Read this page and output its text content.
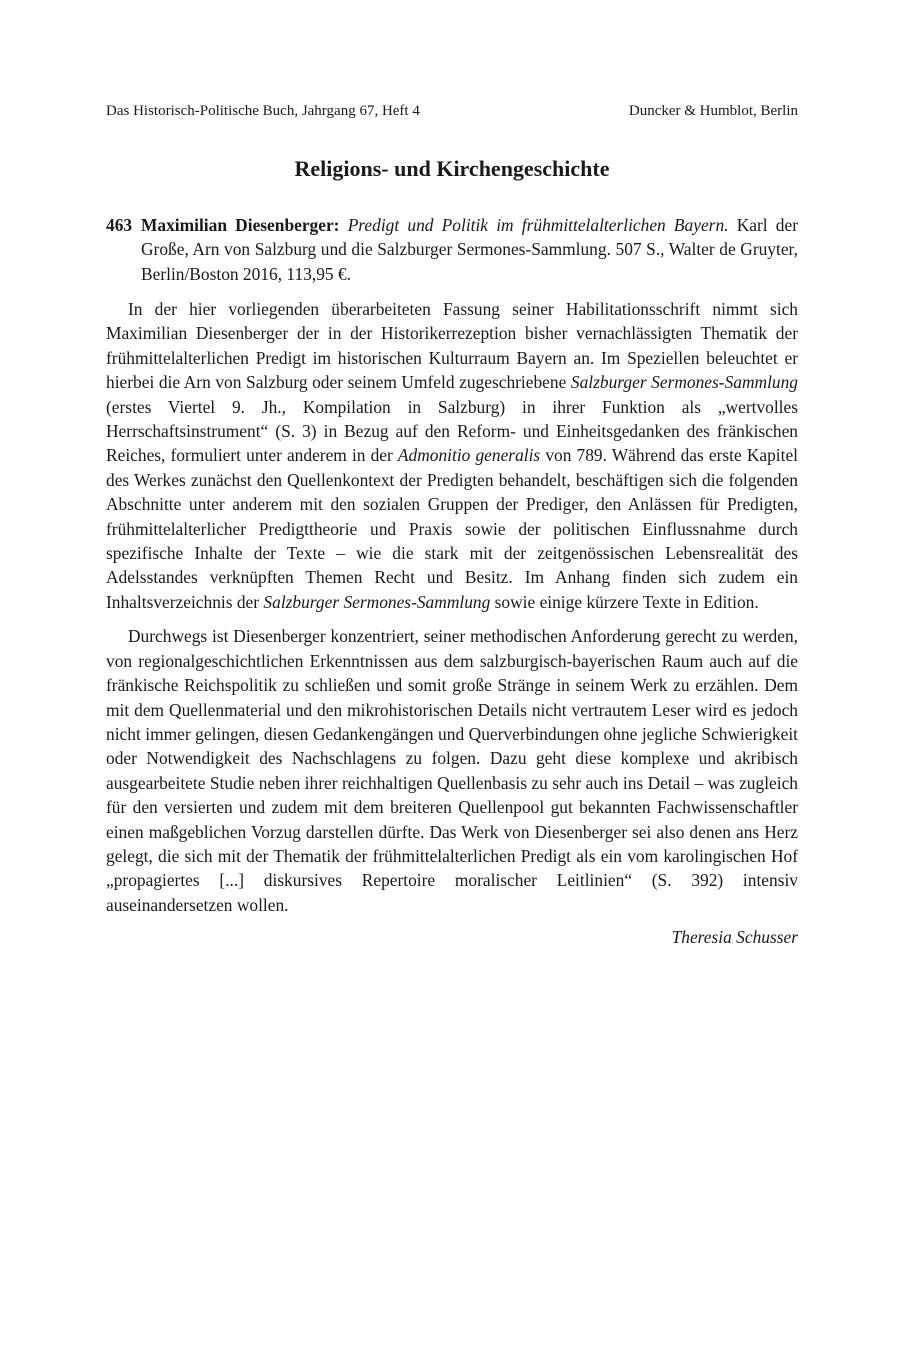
Das Historisch-Politische Buch, Jahrgang 67, Heft 4	Duncker & Humblot, Berlin
Religions- und Kirchengeschichte
463 Maximilian Diesenberger: Predigt und Politik im frühmittelalterlichen Bayern. Karl der Große, Arn von Salzburg und die Salzburger Sermones-Sammlung. 507 S., Walter de Gruyter, Berlin/Boston 2016, 113,95 €.

In der hier vorliegenden überarbeiteten Fassung seiner Habilitationsschrift nimmt sich Maximilian Diesenberger der in der Historikerrezeption bisher vernachlässigten Thematik der frühmittelalterlichen Predigt im historischen Kulturraum Bayern an. Im Speziellen beleuchtet er hierbei die Arn von Salzburg oder seinem Umfeld zugeschriebene Salzburger Sermones-Sammlung (erstes Viertel 9. Jh., Kompilation in Salzburg) in ihrer Funktion als „wertvolles Herrschaftsinstrument“ (S. 3) in Bezug auf den Reform- und Einheitsgedanken des fränkischen Reiches, formuliert unter anderem in der Admonitio generalis von 789. Während das erste Kapitel des Werkes zunächst den Quellenkontext der Predigten behandelt, beschäftigen sich die folgenden Abschnitte unter anderem mit den sozialen Gruppen der Prediger, den Anlässen für Predigten, frühmittelalterlicher Predigttheorie und Praxis sowie der politischen Einflussnahme durch spezifische Inhalte der Texte – wie die stark mit der zeitgenössischen Lebensrealität des Adelsstandes verknüpften Themen Recht und Besitz. Im Anhang finden sich zudem ein Inhaltsverzeichnis der Salzburger Sermones-Sammlung sowie einige kürzere Texte in Edition.

Durchwegs ist Diesenberger konzentriert, seiner methodischen Anforderung gerecht zu werden, von regionalgeschichtlichen Erkenntnissen aus dem salzburgisch-bayerischen Raum auch auf die fränkische Reichspolitik zu schließen und somit große Stränge in seinem Werk zu erzählen. Dem mit dem Quellenmaterial und den mikrohistorischen Details nicht vertrautem Leser wird es jedoch nicht immer gelingen, diesen Gedankengängen und Querverbindungen ohne jegliche Schwierigkeit oder Notwendigkeit des Nachschlagens zu folgen. Dazu geht diese komplexe und akribisch ausgearbeitete Studie neben ihrer reichhaltigen Quellenbasis zu sehr auch ins Detail – was zugleich für den versierten und zudem mit dem breiteren Quellenpool gut bekannten Fachwissenschaftler einen maßgeblichen Vorzug darstellen dürfte. Das Werk von Diesenberger sei also denen ans Herz gelegt, die sich mit der Thematik der frühmittelalterlichen Predigt als ein vom karolingischen Hof „propagiertes [...] diskursives Repertoire moralischer Leitlinien“ (S. 392) intensiv auseinandersetzen wollen.

Theresia Schusser
